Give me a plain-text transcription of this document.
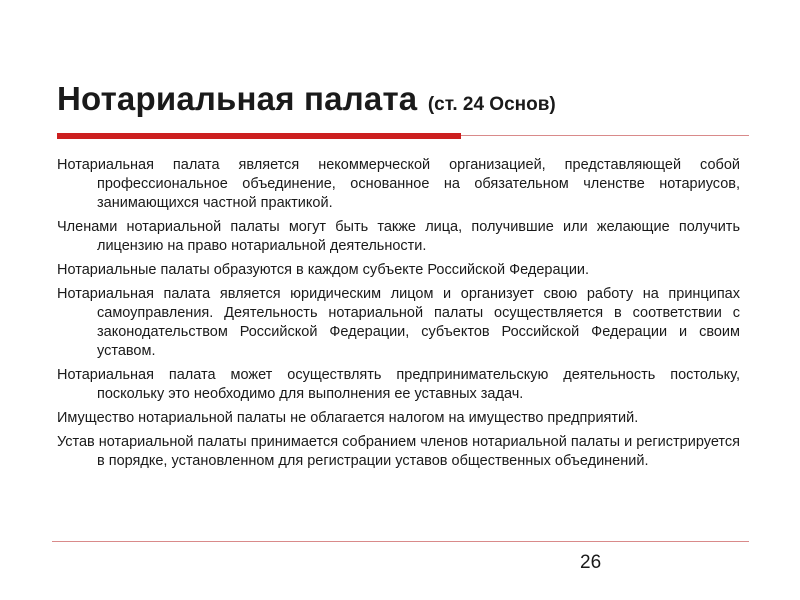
Нотариальная палата (ст. 24 Основ)

Нотариальная палата является некоммерческой организацией, представляющей собой профессиональное объединение, основанное на обязательном членстве нотариусов, занимающихся частной практикой.

Членами нотариальной палаты могут быть также лица, получившие или желающие получить лицензию на право нотариальной деятельности.

Нотариальные палаты образуются в каждом субъекте Российской Федерации.

Нотариальная палата является юридическим лицом и организует свою работу на принципах самоуправления. Деятельность нотариальной палаты осуществляется в соответствии с законодательством Российской Федерации, субъектов Российской Федерации и своим уставом.

Нотариальная палата может осуществлять предпринимательскую деятельность постольку, поскольку это необходимо для выполнения ее уставных задач.

Имущество нотариальной палаты не облагается налогом на имущество предприятий.

Устав нотариальной палаты принимается собранием членов нотариальной палаты и регистрируется в порядке, установленном для регистрации уставов общественных объединений.

26
